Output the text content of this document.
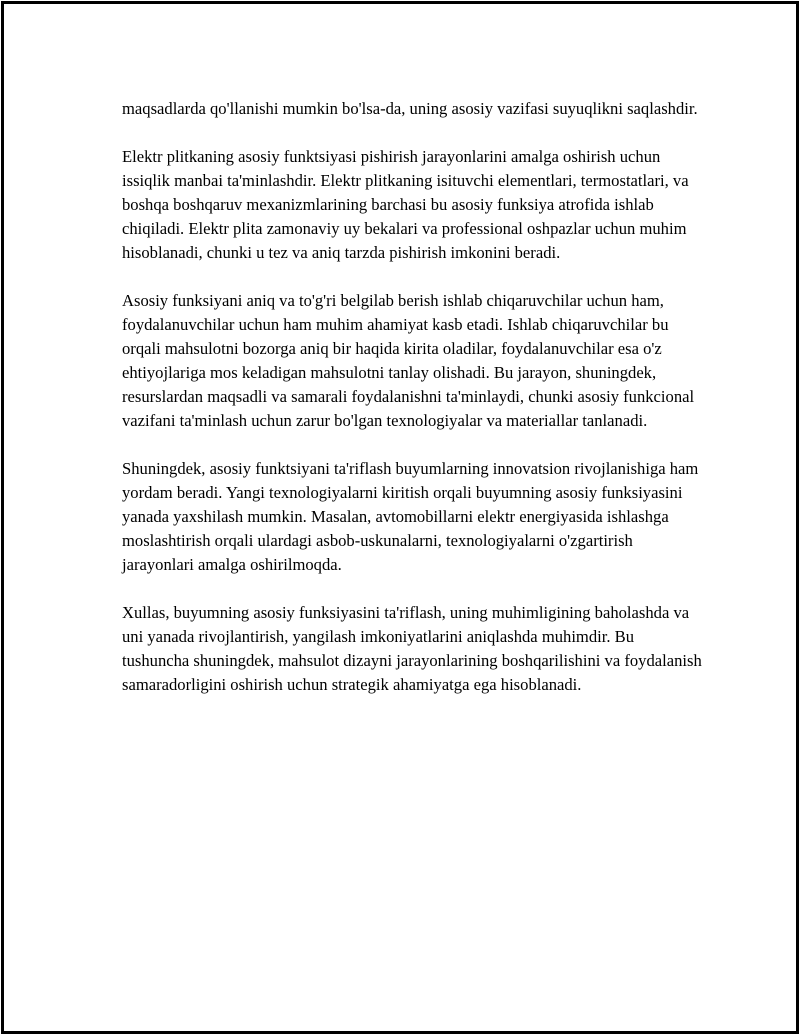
maqsadlarda qo'llanishi mumkin bo'lsa-da, uning asosiy vazifasi suyuqlikni saqlashdir.

Elektr plitkaning asosiy funktsiyasi pishirish jarayonlarini amalga oshirish uchun issiqlik manbai ta'minlashdir. Elektr plitkaning isituvchi elementlari, termostatlari, va boshqa boshqaruv mexanizmlarining barchasi bu asosiy funksiya atrofida ishlab chiqiladi. Elektr plita zamonaviy uy bekalari va professional oshpazlar uchun muhim hisoblanadi, chunki u tez va aniq tarzda pishirish imkonini beradi.

Asosiy funksiyani aniq va to'g'ri belgilab berish ishlab chiqaruvchilar uchun ham, foydalanuvchilar uchun ham muhim ahamiyat kasb etadi. Ishlab chiqaruvchilar bu orqali mahsulotni bozorga aniq bir haqida kirita oladilar, foydalanuvchilar esa o'z ehtiyojlariga mos keladigan mahsulotni tanlay olishadi. Bu jarayon, shuningdek, resurslardan maqsadli va samarali foydalanishni ta'minlaydi, chunki asosiy funkcional vazifani ta'minlash uchun zarur bo'lgan texnologiyalar va materiallar tanlanadi.

Shuningdek, asosiy funktsiyani ta'riflash buyumlarning innovatsion rivojlanishiga ham yordam beradi. Yangi texnologiyalarni kiritish orqali buyumning asosiy funksiyasini yanada yaxshilash mumkin. Masalan, avtomobillarni elektr energiyasida ishlashga moslashtirish orqali ulardagi asbob-uskunalarni, texnologiyalarni o'zgartirish jarayonlari amalga oshirilmoqda.

Xullas, buyumning asosiy funksiyasini ta'riflash, uning muhimligining baholashda va uni yanada rivojlantirish, yangilash imkoniyatlarini aniqlashda muhimdir. Bu tushuncha shuningdek, mahsulot dizayni jarayonlarining boshqarilishini va foydalanish samaradorligini oshirish uchun strategik ahamiyatga ega hisoblanadi.
